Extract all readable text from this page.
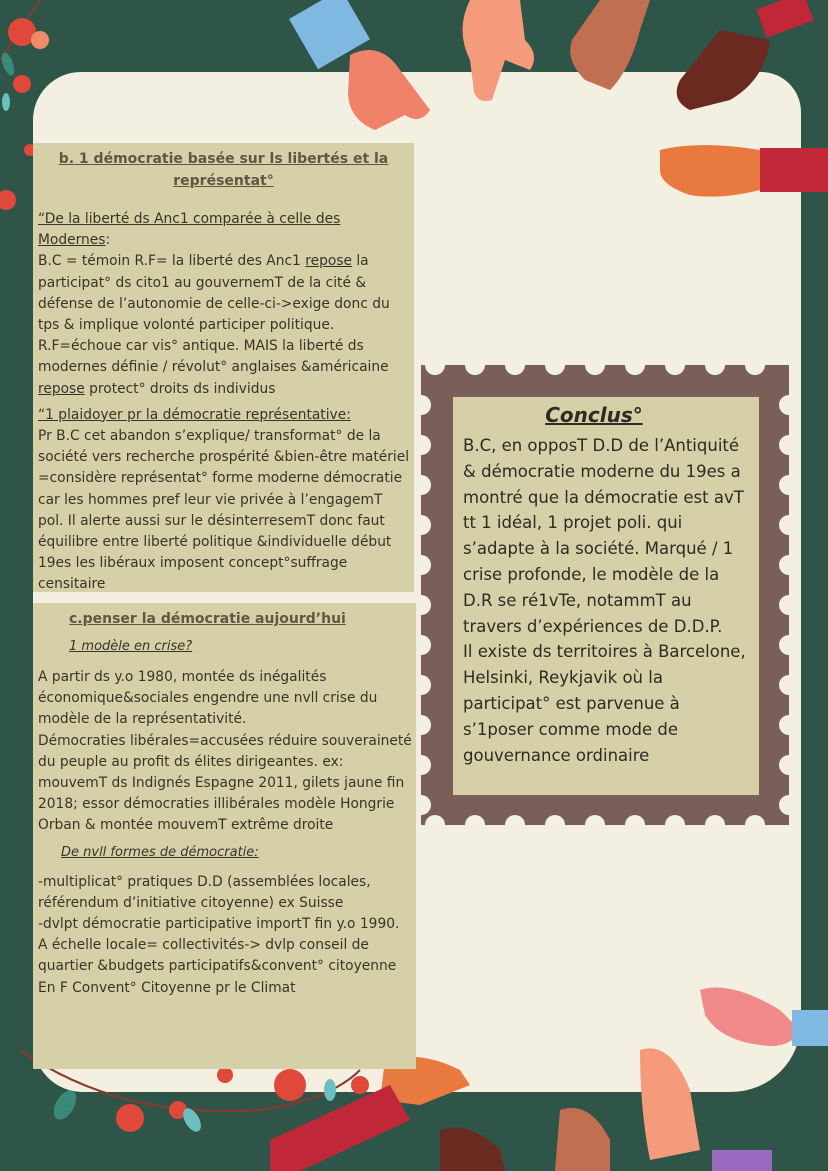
b. 1 démocratie basée sur ls libertés et la
représentat°
“De la liberté ds Anc1 comparée à celle des Modernes:
B.C = témoin R.F= la liberté des Anc1 repose la participat° ds cito1 au gouvernemT de la cité & défense de l’autonomie de celle-ci->exige donc du tps & implique volonté participer politique. R.F=échoue car vis° antique. MAIS la liberté ds modernes définie / révolut° anglaises &américaine repose protect° droits ds individus
“1 plaidoyer pr la démocratie représentative:
Pr B.C cet abandon s’explique/ transformat° de la société vers recherche prospérité &bien-être matériel =considère représentat° forme moderne démocratie car les hommes pref leur vie privée à l’engagemT pol. Il alerte aussi sur le désinterresemT donc faut équilibre entre liberté politique &individuelle début 19es les libéraux imposent concept°suffrage censitaire
c.penser la démocratie aujourd’hui
1 modèle en crise?
A partir ds y.o 1980, montée ds inégalités économique&sociales engendre une nvll crise du modèle de la représentativité.
Démocraties libérales=accusées réduire souveraineté du peuple au profit ds élites dirigeantes. ex: mouvemT ds Indignés Espagne 2011, gilets jaune fin 2018; essor démocraties illibérales modèle Hongrie Orban & montée mouvemT extrême droite
De nvll formes de démocratie:
-multiplicat° pratiques D.D (assemblées locales, référendum d’initiative citoyenne) ex Suisse
-dvlpt démocratie participative importT fin y.o 1990. A échelle locale= collectivités-> dvlp conseil de quartier &budgets participatifs&convent° citoyenne
En F Convent° Citoyenne pr le Climat
Conclus°
B.C, en opposT D.D de l’Antiquité & démocratie moderne du 19es a montré que la démocratie est avT tt 1 idéal, 1 projet poli. qui s’adapte à la société. Marqué / 1 crise profonde, le modèle de la D.R se ré1vTe, notammT au travers d’expériences de D.D.P.
Il existe ds territoires à Barcelone, Helsinki, Reykjavik où la participat° est parvenue à s’1poser comme mode de gouvernance ordinaire
